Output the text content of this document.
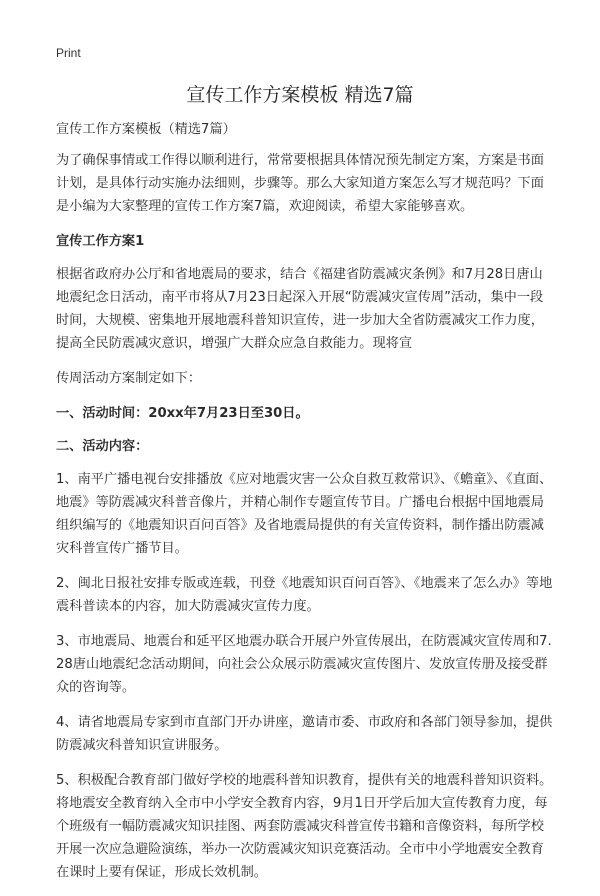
Print
宣传工作方案模板 精选7篇

宣传工作方案模板（精选7篇）

为了确保事情或工作得以顺利进行，常常要根据具体情况预先制定方案，方案是书面计划，是具体行动实施办法细则，步骤等。那么大家知道方案怎么写才规范吗？下面是小编为大家整理的宣传工作方案7篇，欢迎阅读，希望大家能够喜欢。

宣传工作方案1

根据省政府办公厅和省地震局的要求，结合《福建省防震减灾条例》和7月28日唐山地震纪念日活动，南平市将从7月23日起深入开展“防震减灾宣传周”活动，集中一段时间，大规模、密集地开展地震科普知识宣传，进一步加大全省防震减灾工作力度，提高全民防震减灾意识，增强广大群众应急自救能力。现将宣

传周活动方案制定如下：

一、活动时间：20xx年7月23日至30日。

二、活动内容：

1、南平广播电视台安排播放《应对地震灾害一公众自救互救常识》、《蟾童》、《直面、地震》等防震减灾科普音像片，并精心制作专题宣传节目。广播电台根据中国地震局组织编写的《地震知识百问百答》及省地震局提供的有关宣传资料，制作播出防震减灾科普宣传广播节目。

2、闽北日报社安排专版或连载，刊登《地震知识百问百答》、《地震来了怎么办》等地震科普读本的内容，加大防震减灾宣传力度。

3、市地震局、地震台和延平区地震办联合开展户外宣传展出，在防震减灾宣传周和7.28唐山地震纪念活动期间，向社会公众展示防震减灾宣传图片、发放宣传册及接受群众的咨询等。

4、请省地震局专家到市直部门开办讲座，邀请市委、市政府和各部门领导参加，提供防震减灾科普知识宣讲服务。

5、积极配合教育部门做好学校的地震科普知识教育，提供有关的地震科普知识资料。将地震安全教育纳入全市中小学安全教育内容，9月1日开学后加大宣传教育力度，每个班级有一幅防震减灾知识挂图、两套防震减灾科普宣传书籍和音像资料，每所学校开展一次应急避险演练，举办一次防震减灾知识竞赛活动。全市中小学地震安全教育在课时上要有保证，形成长效机制。
